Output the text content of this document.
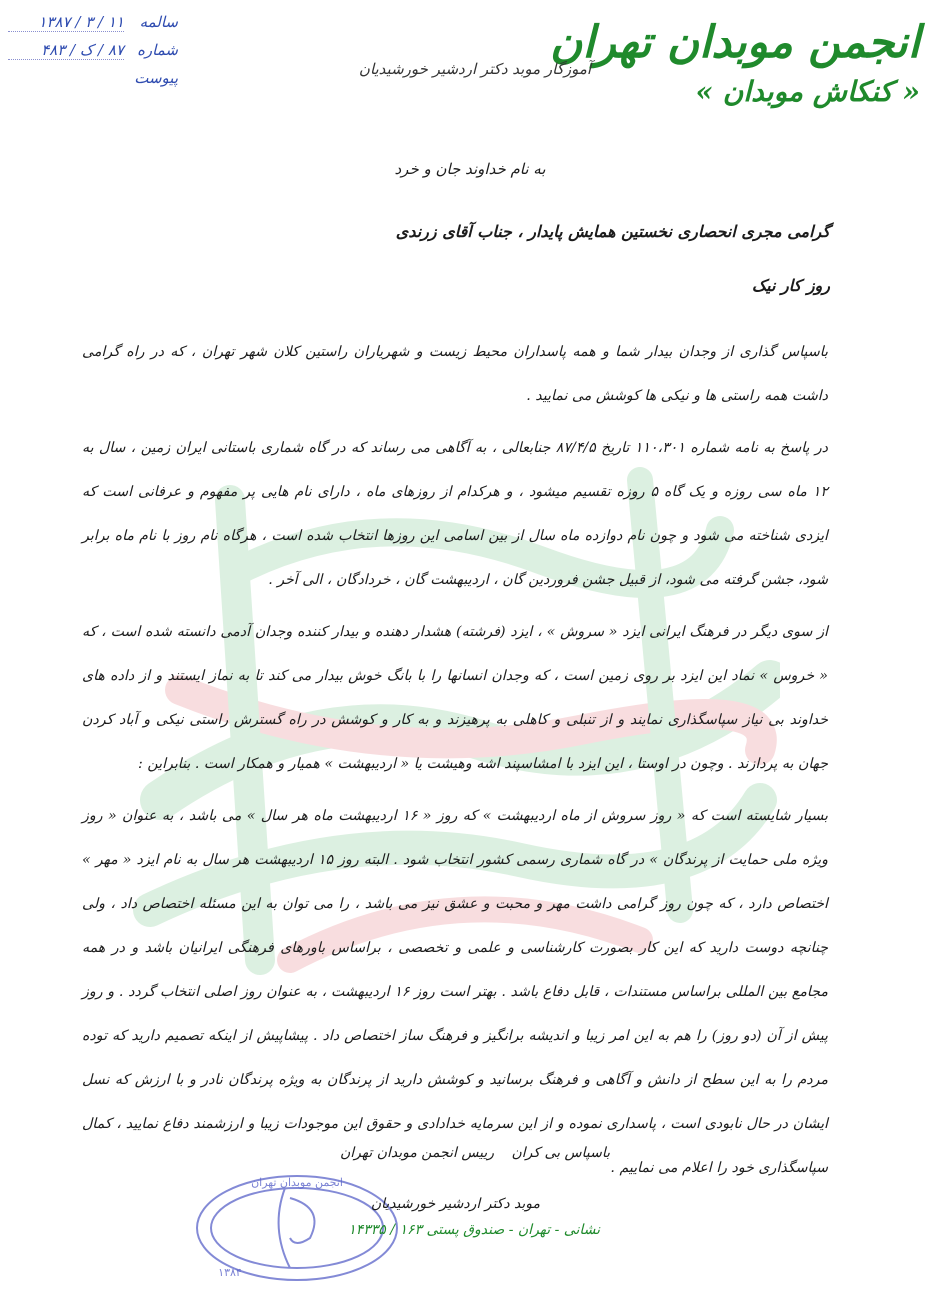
انجمن موبدان تهران
« کنکاش موبدان »
آموزگار موبد دکتر اردشیر خورشیدیان
سالمه
۱۱ / ۳ / ۱۳۸۷
شماره
۸۷ / ک / ۴۸۳
پیوست
به نام خداوند جان و خرد
گرامی مجری انحصاری نخستین همایش پایدار ، جناب آقای زرندی
روز کار نیک

باسپاس گذاری از وجدان بیدار شما و همه پاسداران محیط زیست و شهریاران راستین کلان شهر تهران ، که در راه گرامی داشت همه راستی ها و نیکی ها کوشش می نمایید .

در پاسخ به نامه شماره ۱۱۰،۳۰۱ تاریخ ۸۷/۴/۵ جنابعالی ، به آگاهی می رساند که در گاه شماری باستانی ایران زمین ، سال به ۱۲ ماه سی روزه و یک گاه ۵ روزه تقسیم میشود ، و هرکدام از روزهای ماه ، دارای نام هایی پر مفهوم و عرفانی است که ایزدی شناخته می شود و چون نام دوازده ماه سال از بین اسامی این روزها انتخاب شده است ، هرگاه نام روز با نام ماه برابر شود، جشن گرفته می شود، از قبیل جشن فروردین گان ، اردیبهشت گان ، خردادگان ، الی آخر .

از سوی دیگر در فرهنگ ایرانی ایزد « سروش » ، ایزد (فرشته) هشدار دهنده و بیدار کننده وجدان آدمی دانسته شده است ، که « خروس » نماد این ایزد بر روی زمین است ، که وجدان انسانها را با بانگ خوش بیدار می کند تا به نماز ایستند و از داده های خداوند بی نیاز سپاسگذاری نمایند و از تنبلی و کاهلی به پرهیزند و به کار و کوشش در راه گسترش راستی نیکی و آباد کردن جهان به پردازند . وچون در اوستا ، این ایزد با امشاسپند اشه وهیشت یا « اردیبهشت » همیار و همکار است . بنابراین :

بسیار شایسته است که « روز سروش از ماه اردیبهشت » که روز « ۱۶ اردیبهشت ماه هر سال » می باشد ، به عنوان « روز ویژه ملی حمایت از پرندگان » در گاه شماری رسمی کشور انتخاب شود . البته روز ۱۵ اردیبهشت هر سال به نام ایزد « مهر » اختصاص دارد ، که چون روز گرامی داشت مهر و محبت و عشق نیز می باشد ، را می توان به این مسئله اختصاص داد ، ولی چنانچه دوست دارید که این کار بصورت کارشناسی و علمی و تخصصی ، براساس باورهای فرهنگی ایرانیان باشد و در همه مجامع بین المللی براساس مستندات ، قابل دفاع باشد . بهتر است روز ۱۶ اردیبهشت ، به عنوان روز اصلی انتخاب گردد . و روز پیش از آن (دو روز) را هم به این امر زیبا و اندیشه برانگیز و فرهنگ ساز اختصاص داد . پیشاپیش از اینکه تصمیم دارید که توده مردم را به این سطح از دانش و آگاهی و فرهنگ برسانید و کوشش دارید از پرندگان به ویژه پرندگان نادر و با ارزش که نسل ایشان در حال نابودی است ، پاسداری نموده و از این سرمایه خدادادی و حقوق این موجودات زیبا و ارزشمند دفاع نمایید ، کمال سپاسگذاری خود را اعلام می نماییم .

انجمن موبدان تهران
۱۳۸۴
باسپاس بی کران
رییس انجمن موبدان تهران
موبد دکتر اردشیر خورشیدیان
نشانی - تهران - صندوق پستی ۱۶۳ / ۱۴۳۳۵
